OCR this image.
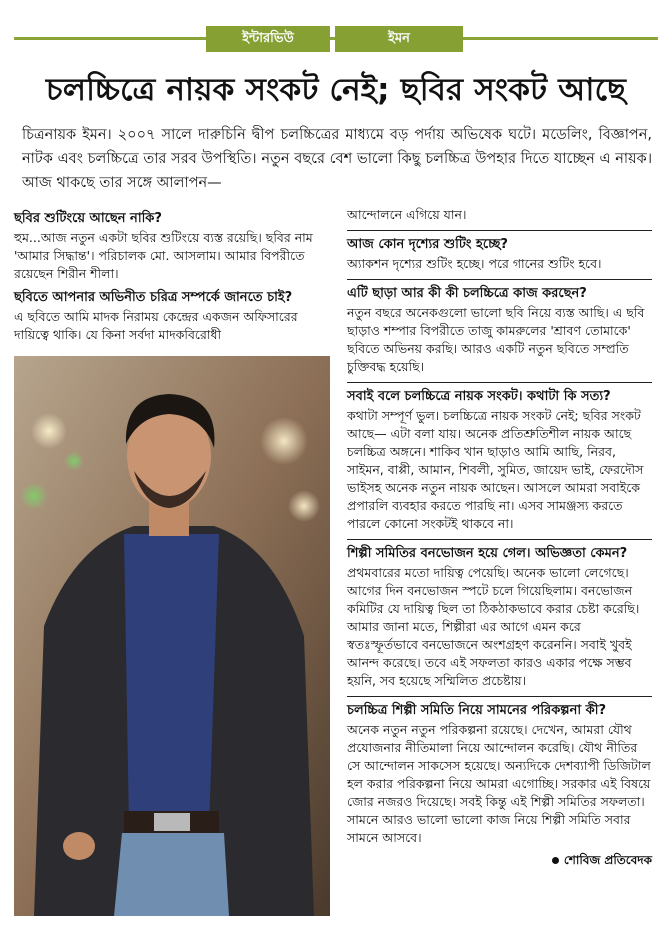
ইন্টারভিউ	ইমন
চলচ্চিত্রে নায়ক সংকট নেই; ছবির সংকট আছে
চিত্রনায়ক ইমন। ২০০৭ সালে দারুচিনি দ্বীপ চলচ্চিত্রের মাধ্যমে বড় পর্দায় অভিষেক ঘটে। মডেলিং, বিজ্ঞাপন, নাটক এবং চলচ্চিত্রে তার সরব উপস্থিতি। নতুন বছরে বেশ ভালো কিছু চলচ্চিত্র উপহার দিতে যাচ্ছেন এ নায়ক। আজ থাকছে তার সঙ্গে আলাপন—
ছবির শুটিংয়ে আছেন নাকি?
হুম...আজ নতুন একটা ছবির শুটিংয়ে ব্যস্ত রয়েছি। ছবির নাম 'আমার সিদ্ধান্ত'। পরিচালক মো. আসলাম। আমার বিপরীতে রয়েছেন শিরীন শীলা।
ছবিতে আপনার অভিনীত চরিত্র সম্পর্কে জানতে চাই?
এ ছবিতে আমি মাদক নিরাময় কেন্দ্রের একজন অফিসারের দায়িত্বে থাকি। যে কিনা সর্বদা মাদকবিরোধী
আন্দোলনে এগিয়ে যান।
আজ কোন দৃশ্যের শুটিং হচ্ছে?
অ্যাকশন দৃশ্যের শুটিং হচ্ছে। পরে গানের শুটিং হবে।
এটি ছাড়া আর কী কী চলচ্চিত্রে কাজ করছেন?
নতুন বছরে অনেকগুলো ভালো ছবি নিয়ে ব্যস্ত আছি। এ ছবি ছাড়াও শম্পার বিপরীতে তাজু কামরুলের 'শ্রাবণ তোমাকে' ছবিতে অভিনয় করছি। আরও একটি নতুন ছবিতে সম্প্রতি চুক্তিবদ্ধ হয়েছি।
সবাই বলে চলচ্চিত্রে নায়ক সংকট। কথাটা কি সত্য?
কথাটা সম্পূর্ণ ভুল। চলচ্চিত্রে নায়ক সংকট নেই; ছবির সংকট আছে— এটা বলা যায়। অনেক প্রতিশ্রুতিশীল নায়ক আছে চলচ্চিত্র অঙ্গনে। শাকিব খান ছাড়াও আমি আছি, নিরব, সাইমন, বাপ্পী, আমান, শিবলী, সুমিত, জায়েদ ভাই, ফেরদৌস ভাইসহ অনেক নতুন নায়ক আছেন। আসলে আমরা সবাইকে প্রপারলি ব্যবহার করতে পারছি না। এসব সামঞ্জস্য করতে পারলে কোনো সংকটই থাকবে না।
শিল্পী সমিতির বনভোজন হয়ে গেল। অভিজ্ঞতা কেমন?
প্রথমবারের মতো দায়িত্ব পেয়েছি। অনেক ভালো লেগেছে। আগের দিন বনভোজন স্পটে চলে গিয়েছিলাম। বনভোজন কমিটির যে দায়িত্ব ছিল তা ঠিকঠাকভাবে করার চেষ্টা করেছি। আমার জানা মতে, শিল্পীরা এর আগে এমন করে স্বতঃস্ফূর্তভাবে বনভোজনে অংশগ্রহণ করেননি। সবাই খুবই আনন্দ করেছে। তবে এই সফলতা কারও একার পক্ষে সম্ভব হয়নি, সব হয়েছে সম্মিলিত প্রচেষ্টায়।
চলচ্চিত্র শিল্পী সমিতি নিয়ে সামনের পরিকল্পনা কী?
অনেক নতুন নতুন পরিকল্পনা রয়েছে। দেখেন, আমরা যৌথ প্রযোজনার নীতিমালা নিয়ে আন্দোলন করেছি। যৌথ নীতির সে আন্দোলন সাকসেস হয়েছে। অন্যদিকে দেশব্যাপী ডিজিটাল হল করার পরিকল্পনা নিয়ে আমরা এগোচ্ছি। সরকার এই বিষয়ে জোর নজরও দিয়েছে। সবই কিন্তু এই শিল্পী সমিতির সফলতা। সামনে আরও ভালো ভালো কাজ নিয়ে শিল্পী সমিতি সবার সামনে আসবে।
শোবিজ প্রতিবেদক
